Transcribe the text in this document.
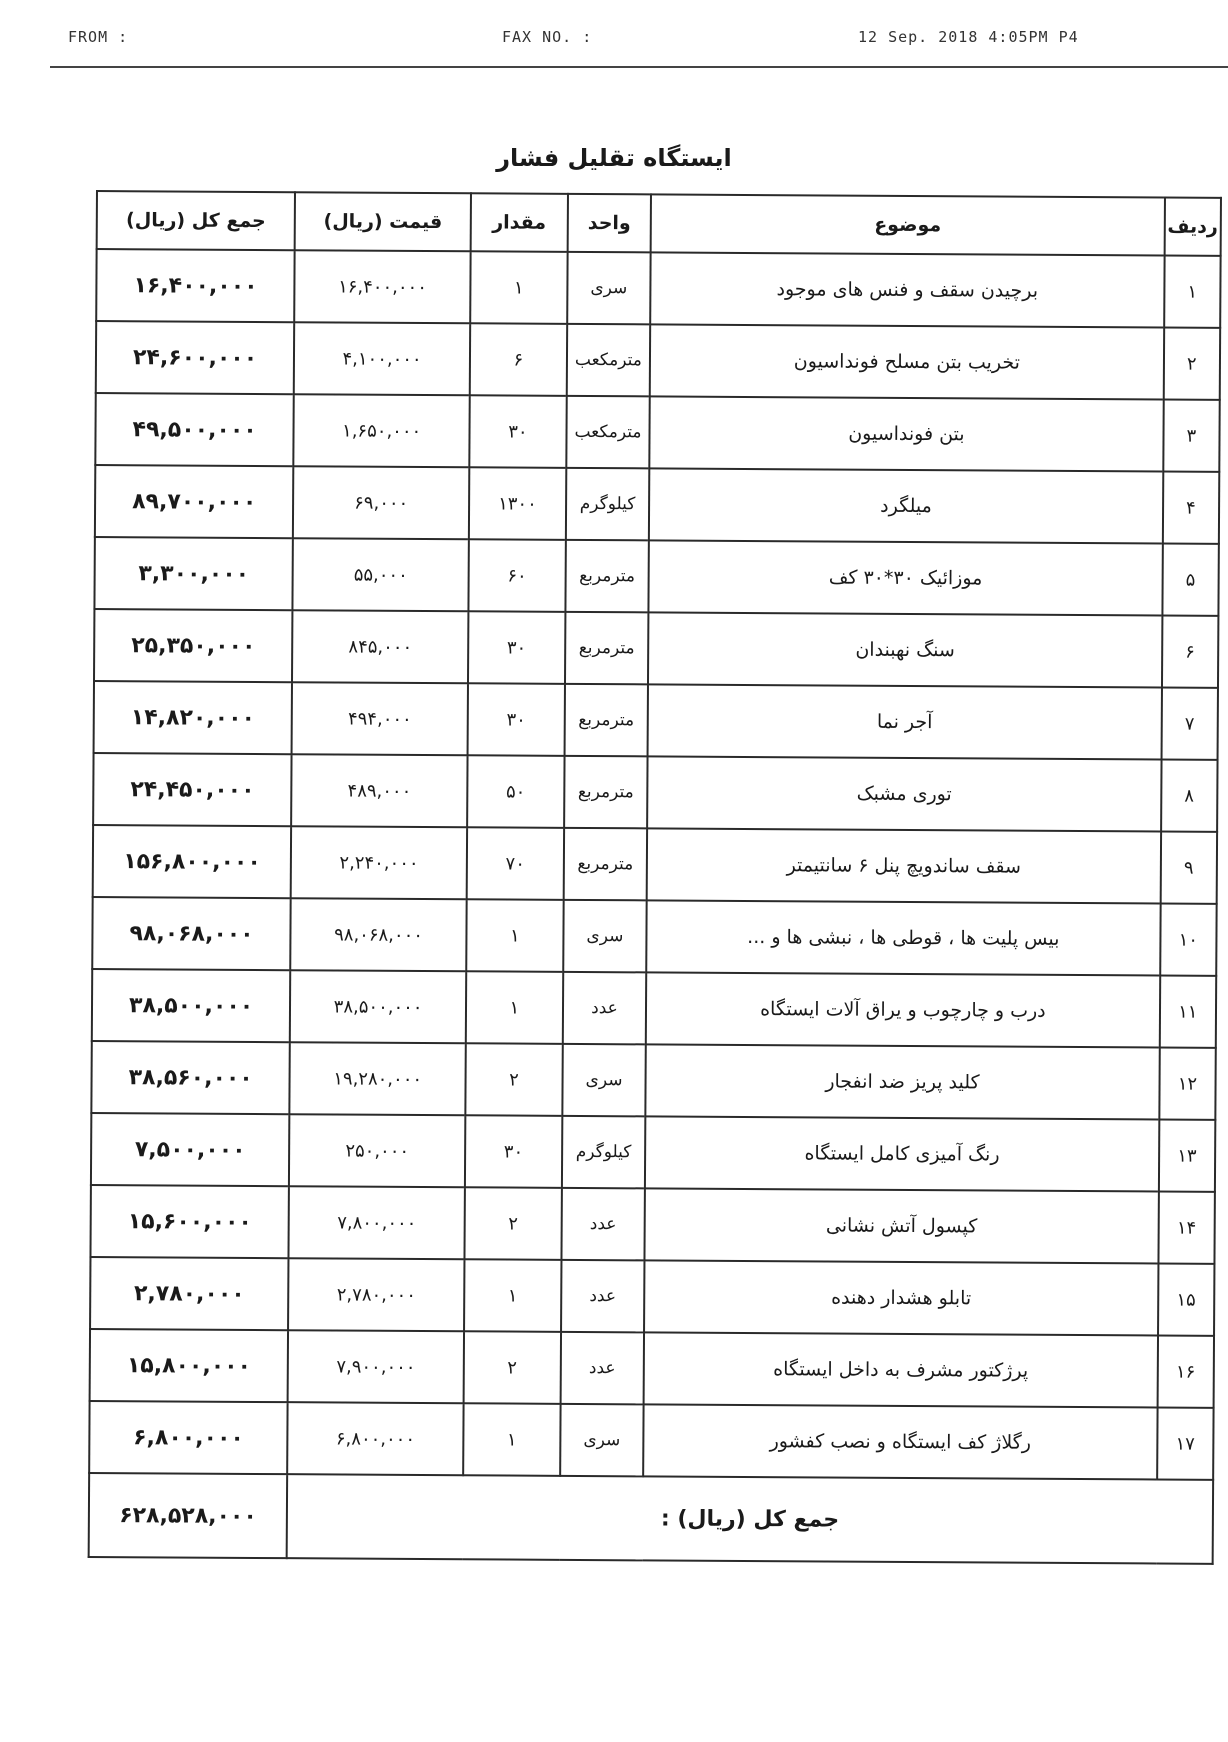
FROM :	FAX NO. :	12 Sep. 2018 4:05PM P4
ایستگاه تقلیل فشار
ردیف	موضوع	واحد	مقدار	قیمت (ریال)	جمع کل (ریال)
۱	برچیدن سقف و فنس های موجود	سری	۱	۱۶,۴۰۰,۰۰۰	۱۶,۴۰۰,۰۰۰
۲	تخریب بتن مسلح فونداسیون	مترمکعب	۶	۴,۱۰۰,۰۰۰	۲۴,۶۰۰,۰۰۰
۳	بتن فونداسیون	مترمکعب	۳۰	۱,۶۵۰,۰۰۰	۴۹,۵۰۰,۰۰۰
۴	میلگرد	کیلوگرم	۱۳۰۰	۶۹,۰۰۰	۸۹,۷۰۰,۰۰۰
۵	موزائیک ۳۰*۳۰ کف	مترمربع	۶۰	۵۵,۰۰۰	۳,۳۰۰,۰۰۰
۶	سنگ نهبندان	مترمربع	۳۰	۸۴۵,۰۰۰	۲۵,۳۵۰,۰۰۰
۷	آجر نما	مترمربع	۳۰	۴۹۴,۰۰۰	۱۴,۸۲۰,۰۰۰
۸	توری مشبک	مترمربع	۵۰	۴۸۹,۰۰۰	۲۴,۴۵۰,۰۰۰
۹	سقف ساندویچ پنل ۶ سانتیمتر	مترمربع	۷۰	۲,۲۴۰,۰۰۰	۱۵۶,۸۰۰,۰۰۰
۱۰	بیس پلیت ها ، قوطی ها ، نبشی ها و ...	سری	۱	۹۸,۰۶۸,۰۰۰	۹۸,۰۶۸,۰۰۰
۱۱	درب و چارچوب و یراق آلات ایستگاه	عدد	۱	۳۸,۵۰۰,۰۰۰	۳۸,۵۰۰,۰۰۰
۱۲	کلید پریز ضد انفجار	سری	۲	۱۹,۲۸۰,۰۰۰	۳۸,۵۶۰,۰۰۰
۱۳	رنگ آمیزی کامل ایستگاه	کیلوگرم	۳۰	۲۵۰,۰۰۰	۷,۵۰۰,۰۰۰
۱۴	کپسول آتش نشانی	عدد	۲	۷,۸۰۰,۰۰۰	۱۵,۶۰۰,۰۰۰
۱۵	تابلو هشدار دهنده	عدد	۱	۲,۷۸۰,۰۰۰	۲,۷۸۰,۰۰۰
۱۶	پرژکتور مشرف به داخل ایستگاه	عدد	۲	۷,۹۰۰,۰۰۰	۱۵,۸۰۰,۰۰۰
۱۷	رگلاژ کف ایستگاه و نصب کفشور	سری	۱	۶,۸۰۰,۰۰۰	۶,۸۰۰,۰۰۰
جمع کل (ریال) :					۶۲۸,۵۲۸,۰۰۰
